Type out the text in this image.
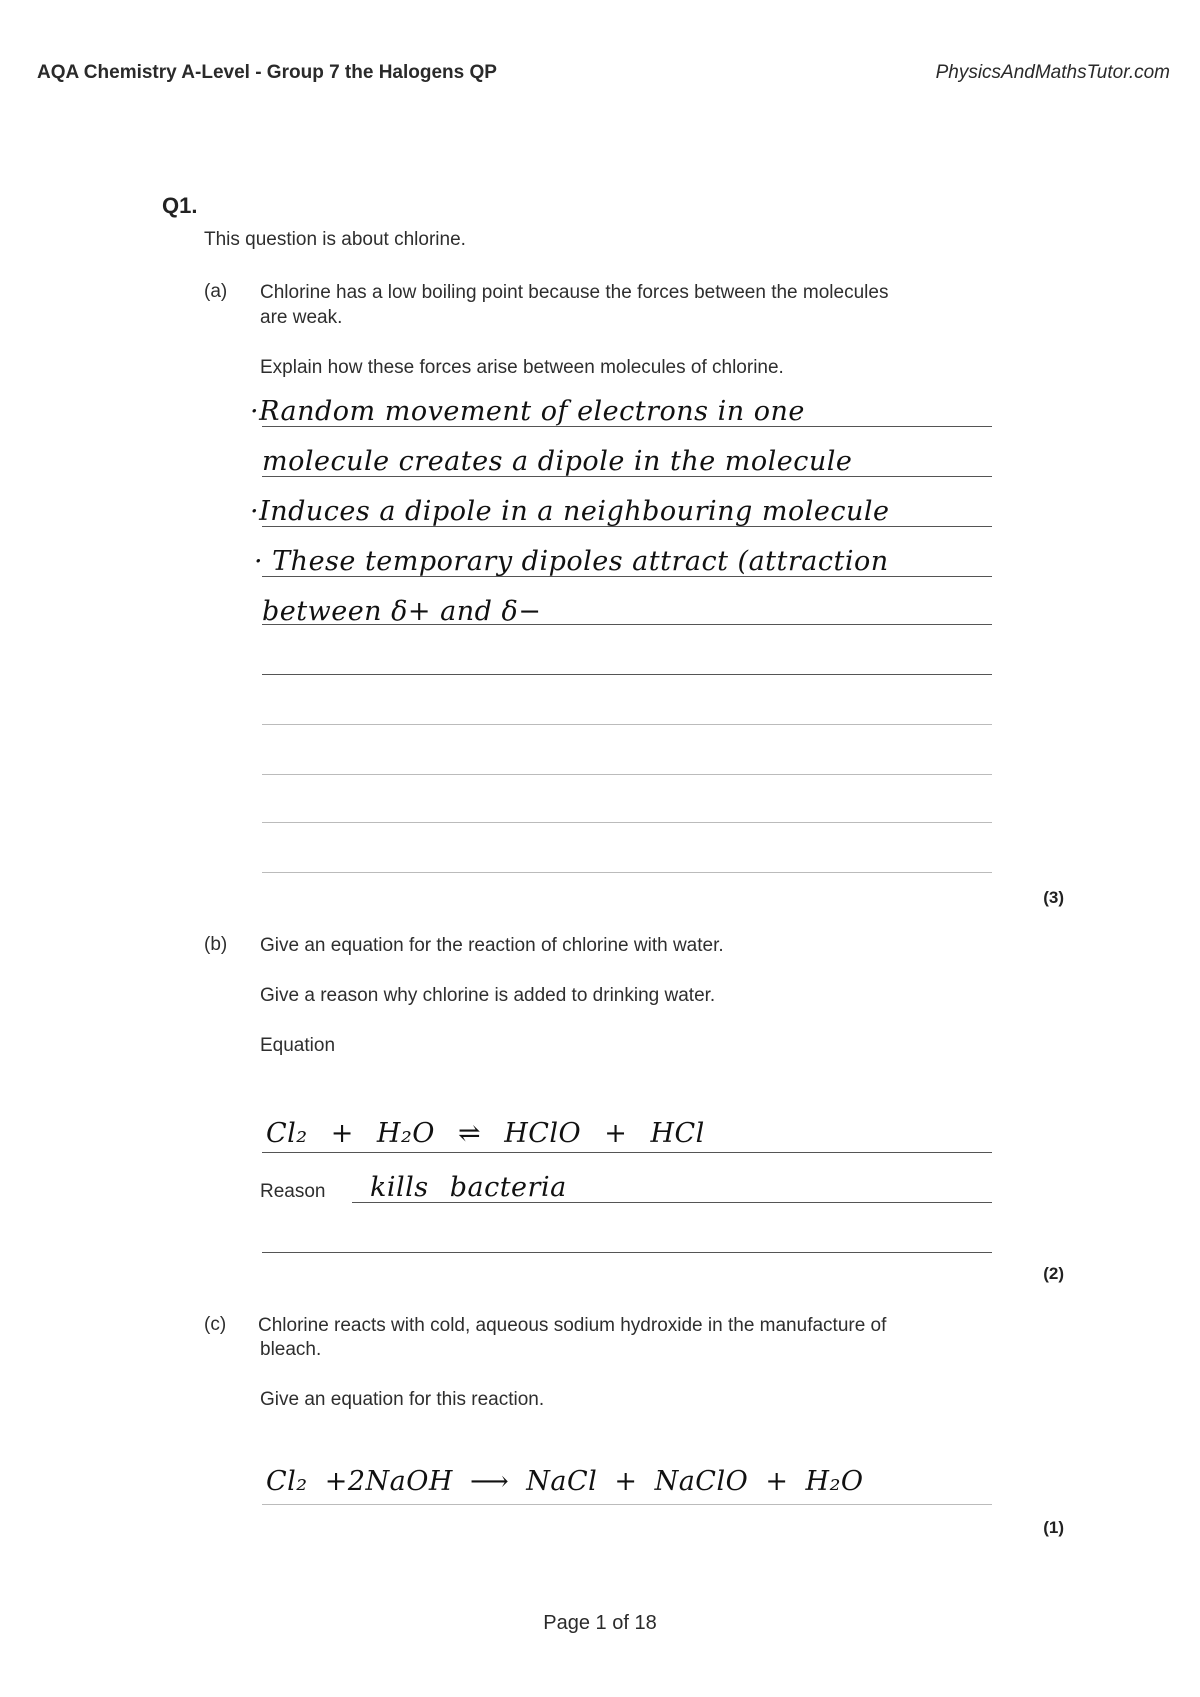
AQA Chemistry A-Level - Group 7 the Halogens QP	PhysicsAndMathsTutor.com
Q1.
This question is about chlorine.
(a) Chlorine has a low boiling point because the forces between the molecules
are weak.
Explain how these forces arise between molecules of chlorine.
·Random movement of electrons in one
molecule creates a dipole in the molecule
·Induces a dipole in a neighbouring molecule
· These temporary dipoles attract (attraction
between δ+ and δ−
(3)
(b) Give an equation for the reaction of chlorine with water.
Give a reason why chlorine is added to drinking water.
Equation
Cl₂ + H₂O ⇌ HClO + HCl
Reason kills bacteria
(2)
(c) Chlorine reacts with cold, aqueous sodium hydroxide in the manufacture of
bleach.
Give an equation for this reaction.
Cl₂ +2NaOH ⟶ NaCl + NaClO + H₂O
(1)
Page 1 of 18
